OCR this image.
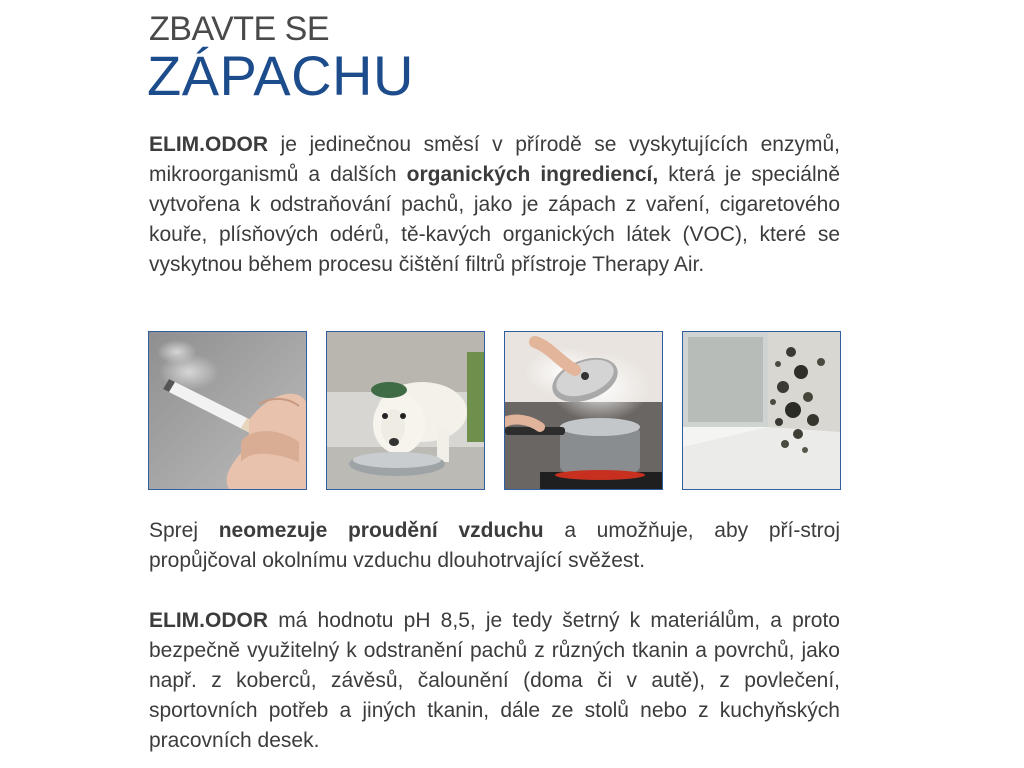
ZBAVTE SE
ZÁPACHU

ELIM.ODOR je jedinečnou směsí v přírodě se vyskytujících enzymů, mikroorganismů a dalších organických ingrediencí, která je speciálně vytvořena k odstraňování pachů, jako je zápach z vaření, cigaretového kouře, plísňových odérů, tě-kavých organických látek (VOC), které se vyskytnou během procesu čištění filtrů přístroje Therapy Air.

Sprej neomezuje proudění vzduchu a umožňuje, aby pří-stroj propůjčoval okolnímu vzduchu dlouhotrvající svěžest.

ELIM.ODOR má hodnotu pH 8,5, je tedy šetrný k materiálům, a proto bezpečně využitelný k odstranění pachů z různých tkanin a povrchů, jako např. z koberců, závěsů, čalounění (doma či v autě), z povlečení, sportovních potřeb a jiných tkanin, dále ze stolů nebo z kuchyňských pracovních desek.
